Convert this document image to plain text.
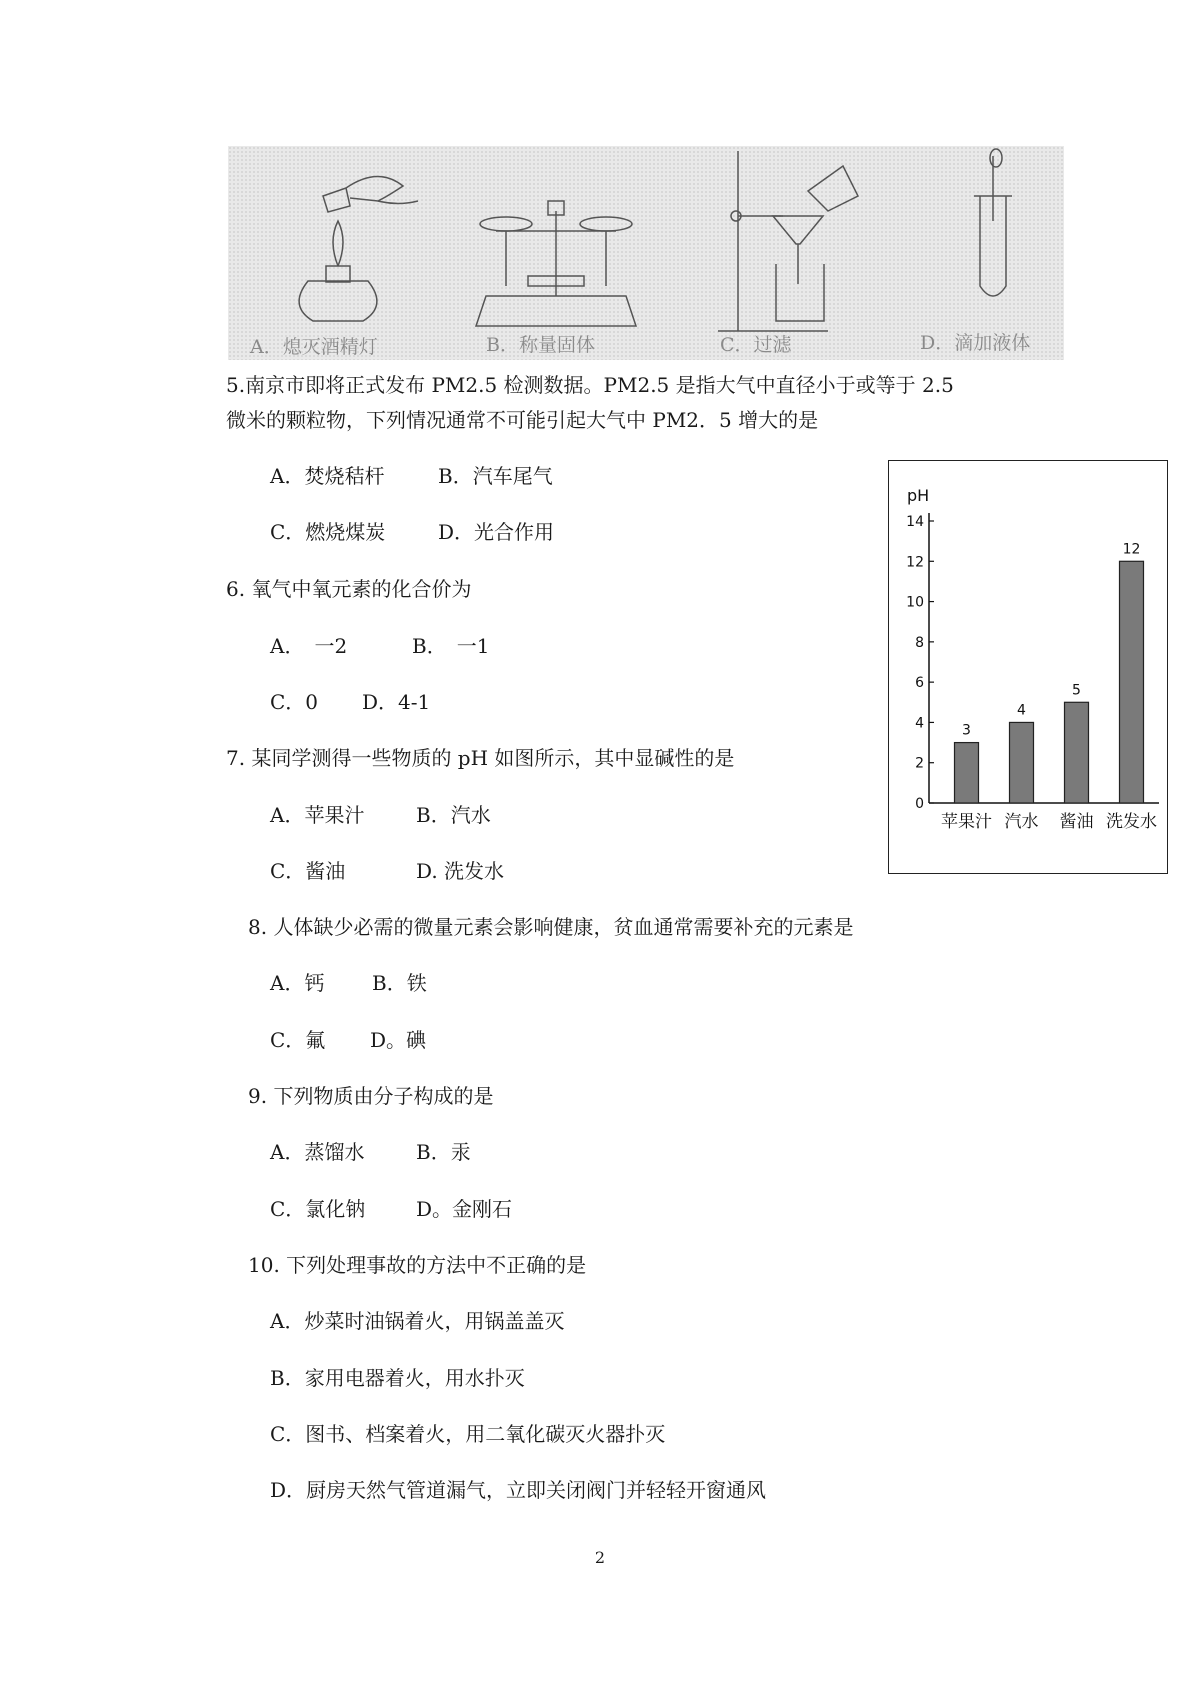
A．熄灭酒精灯	B．称量固体	C．过滤	D．滴加液体
5.南京市即将正式发布 PM2.5 检测数据。PM2.5 是指大气中直径小于或等于 2.5
微米的颗粒物，下列情况通常不可能引起大气中 PM2．5 增大的是
A．焚烧秸杆	B．汽车尾气
C．燃烧煤炭	D．光合作用
6. 氧气中氧元素的化合价为
A．　一2	B．　一1
C．0 D．4-1
7. 某同学测得一些物质的 pH 如图所示，其中显碱性的是
A．苹果汁	B．汽水
C．酱油	D. 洗发水
8. 人体缺少必需的微量元素会影响健康，贫血通常需要补充的元素是
A．钙 B．铁
C．氟 D。碘
9. 下列物质由分子构成的是
A．蒸馏水	B．汞
C．氯化钠	D。金刚石
10. 下列处理事故的方法中不正确的是
A．炒菜时油锅着火，用锅盖盖灭
B．家用电器着火，用水扑灭
C．图书、档案着火，用二氧化碳灭火器扑灭
D．厨房天然气管道漏气，立即关闭阀门并轻轻开窗通风
pH
0
2
4
6
8
10
12
14
3
苹果汁
4
汽水
5
酱油
12
洗发水
2
